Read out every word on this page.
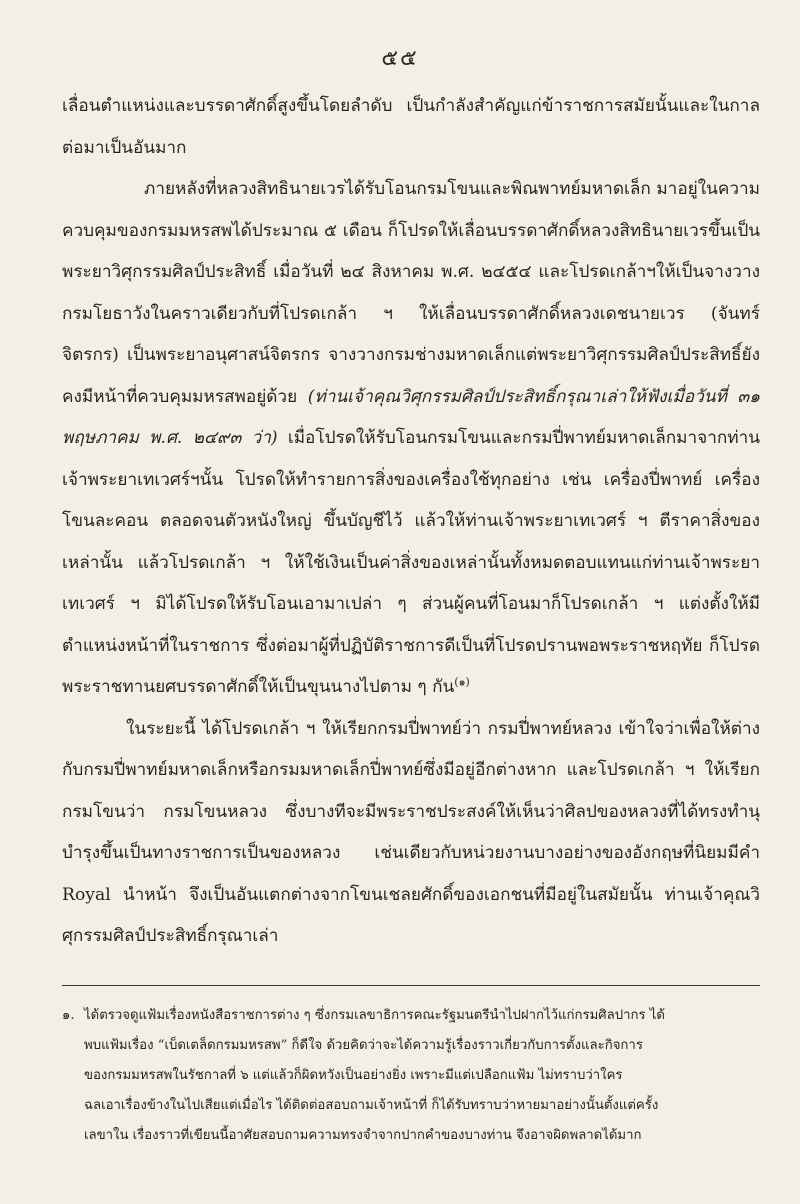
๕๕

เลื่อนตำแหน่งและบรรดาศักดิ์สูงขึ้นโดยลำดับ เป็นกำลังสำคัญแก่ข้าราชการสมัยนั้นและในกาลต่อมาเป็นอันมาก

ภายหลังที่หลวงสิทธินายเวรได้รับโอนกรมโขนและพิณพาทย์มหาดเล็ก มาอยู่ในความควบคุมของกรมมหรสพได้ประมาณ ๕ เดือน ก็โปรดให้เลื่อนบรรดาศักดิ์หลวงสิทธินายเวรขึ้นเป็นพระยาวิศุกรรมศิลป์ประสิทธิ์ เมื่อวันที่ ๒๔ สิงหาคม พ.ศ. ๒๔๕๔ และโปรดเกล้าฯให้เป็นจางวางกรมโยธาวังในคราวเดียวกับที่โปรดเกล้า ฯ ให้เลื่อนบรรดาศักดิ์หลวงเดชนายเวร (จันทร์ จิตรกร) เป็นพระยาอนุศาสน์จิตรกร จางวางกรมช่างมหาดเล็กแต่พระยาวิศุกรรมศิลป์ประสิทธิ์ยังคงมีหน้าที่ควบคุมมหรสพอยู่ด้วย (ท่านเจ้าคุณวิศุกรรมศิลป์ประสิทธิ์กรุณาเล่าให้ฟังเมื่อวันที่ ๓๑ พฤษภาคม พ.ศ. ๒๔๙๓ ว่า) เมื่อโปรดให้รับโอนกรมโขนและกรมปี่พาทย์มหาดเล็กมาจากท่านเจ้าพระยาเทเวศร์ฯนั้น โปรดให้ทำรายการสิ่งของเครื่องใช้ทุกอย่าง เช่น เครื่องปี่พาทย์ เครื่องโขนละคอน ตลอดจนตัวหนังใหญ่ ขึ้นบัญชีไว้ แล้วให้ท่านเจ้าพระยาเทเวศร์ ฯ ตีราคาสิ่งของเหล่านั้น แล้วโปรดเกล้า ฯ ให้ใช้เงินเป็นค่าสิ่งของเหล่านั้นทั้งหมดตอบแทนแก่ท่านเจ้าพระยาเทเวศร์ ฯ มิได้โปรดให้รับโอนเอามาเปล่า ๆ ส่วนผู้คนที่โอนมาก็โปรดเกล้า ฯ แต่งตั้งให้มีตำแหน่งหน้าที่ในราชการ ซึ่งต่อมาผู้ที่ปฏิบัติราชการดีเป็นที่โปรดปรานพอพระราชหฤทัย ก็โปรดพระราชทานยศบรรดาศักดิ์ให้เป็นขุนนางไปตาม ๆ กัน$^{(๑)}$

ในระยะนี้ ได้โปรดเกล้า ฯ ให้เรียกกรมปี่พาทย์ว่า กรมปี่พาทย์หลวง เข้าใจว่าเพื่อให้ต่างกับกรมปี่พาทย์มหาดเล็กหรือกรมมหาดเล็กปี่พาทย์ซึ่งมีอยู่อีกต่างหาก และโปรดเกล้า ฯ ให้เรียกกรมโขนว่า กรมโขนหลวง ซึ่งบางทีจะมีพระราชประสงค์ให้เห็นว่าศิลปของหลวงที่ได้ทรงทำนุบำรุงขึ้นเป็นทางราชการเป็นของหลวง เช่นเดียวกับหน่วยงานบางอย่างของอังกฤษที่นิยมมีคำ Royal นำหน้า จึงเป็นอันแตกต่างจากโขนเชลยศักดิ์ของเอกชนที่มีอยู่ในสมัยนั้น ท่านเจ้าคุณวิศุกรรมศิลป์ประสิทธิ์กรุณาเล่า

๑. ได้ตรวจดูแฟ้มเรื่องหนังสือราชการต่าง ๆ ซึ่งกรมเลขาธิการคณะรัฐมนตรีนำไปฝากไว้แก่กรมศิลปากร ได้
พบแฟ้มเรื่อง “เบ็ดเตล็ดกรมมหรสพ” ก็ดีใจ ด้วยคิดว่าจะได้ความรู้เรื่องราวเกี่ยวกับการตั้งและกิจการ
ของกรมมหรสพในรัชกาลที่ ๖ แต่แล้วก็ผิดหวังเป็นอย่างยิ่ง เพราะมีแต่เปลือกแฟ้ม ไม่ทราบว่าใคร
ฉลเอาเรื่องข้างในไปเสียแต่เมื่อไร ได้ติดต่อสอบถามเจ้าหน้าที่ ก็ได้รับทราบว่าหายมาอย่างนั้นตั้งแต่ครั้ง
เลขาใน เรื่องราวที่เขียนนี้อาศัยสอบถามความทรงจำจากปากคำของบางท่าน จึงอาจผิดพลาดได้มาก
